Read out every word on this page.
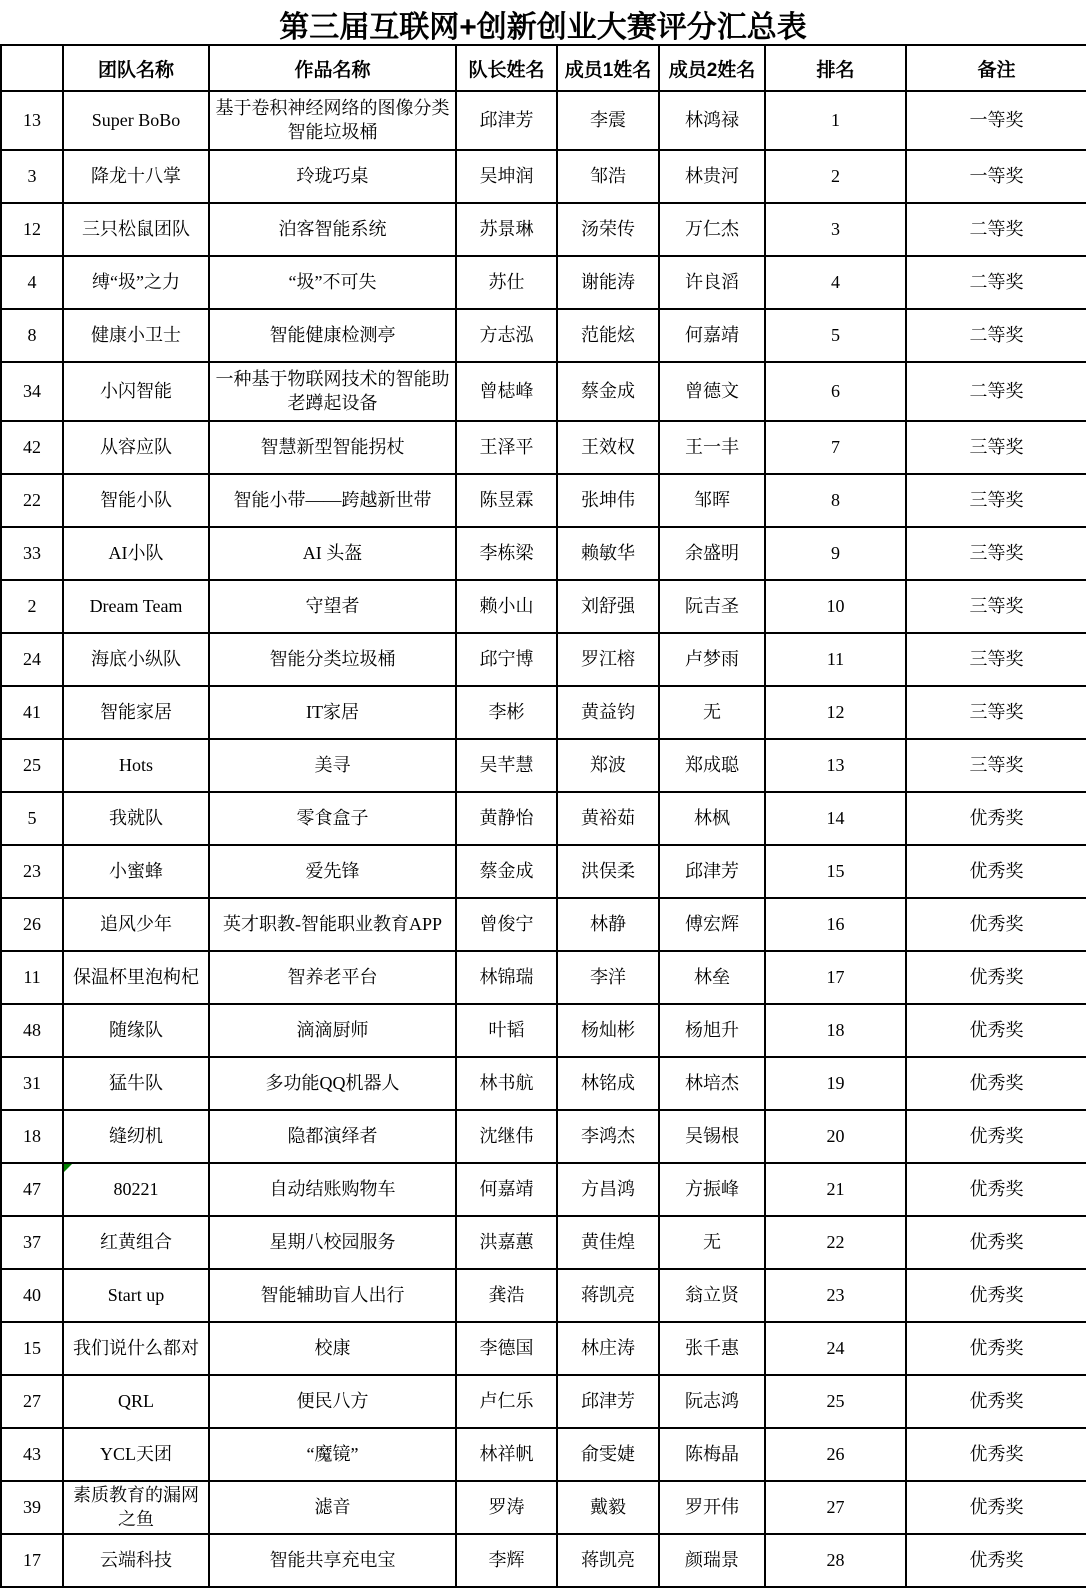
第三届互联网+创新创业大赛评分汇总表
	团队名称	作品名称	队长姓名	成员1姓名	成员2姓名	排名	备注
13	Super BoBo	基于卷积神经网络的图像分类智能垃圾桶	邱津芳	李震	林鸿禄	1	一等奖
3	降龙十八掌	玲珑巧桌	吴坤润	邹浩	林贵河	2	一等奖
12	三只松鼠团队	泊客智能系统	苏景琳	汤荣传	万仁杰	3	二等奖
4	缚“圾”之力	“圾”不可失	苏仕	谢能涛	许良滔	4	二等奖
8	健康小卫士	智能健康检测亭	方志泓	范能炫	何嘉靖	5	二等奖
34	小闪智能	一种基于物联网技术的智能助老蹲起设备	曾梽峰	蔡金成	曾德文	6	二等奖
42	从容应队	智慧新型智能拐杖	王泽平	王效权	王一丰	7	三等奖
22	智能小队	智能小带——跨越新世带	陈昱霖	张坤伟	邹晖	8	三等奖
33	AI小队	AI 头盔	李栋梁	赖敏华	余盛明	9	三等奖
2	Dream Team	守望者	赖小山	刘舒强	阮吉圣	10	三等奖
24	海底小纵队	智能分类垃圾桶	邱宁博	罗江榕	卢梦雨	11	三等奖
41	智能家居	IT家居	李彬	黄益钧	无	12	三等奖
25	Hots	美寻	吴芊慧	郑波	郑成聪	13	三等奖
5	我就队	零食盒子	黄静怡	黄裕茹	林枫	14	优秀奖
23	小蜜蜂	爱先锋	蔡金成	洪俣柔	邱津芳	15	优秀奖
26	追风少年	英才职教-智能职业教育APP	曾俊宁	林静	傅宏辉	16	优秀奖
11	保温杯里泡枸杞	智养老平台	林锦瑞	李洋	林垒	17	优秀奖
48	随缘队	滴滴厨师	叶韬	杨灿彬	杨旭升	18	优秀奖
31	猛牛队	多功能QQ机器人	林书航	林铭成	林培杰	19	优秀奖
18	缝纫机	隐都演绎者	沈继伟	李鸿杰	吴锡根	20	优秀奖
47	80221	自动结账购物车	何嘉靖	方昌鸿	方振峰	21	优秀奖
37	红黄组合	星期八校园服务	洪嘉蕙	黄佳煌	无	22	优秀奖
40	Start up	智能辅助盲人出行	龚浩	蒋凯亮	翁立贤	23	优秀奖
15	我们说什么都对	校康	李德国	林庄涛	张千惠	24	优秀奖
27	QRL	便民八方	卢仁乐	邱津芳	阮志鸿	25	优秀奖
43	YCL天团	“魔镜”	林祥帆	俞雯婕	陈梅晶	26	优秀奖
39	素质教育的漏网之鱼	滤音	罗涛	戴毅	罗开伟	27	优秀奖
17	云端科技	智能共享充电宝	李辉	蒋凯亮	颜瑞景	28	优秀奖
